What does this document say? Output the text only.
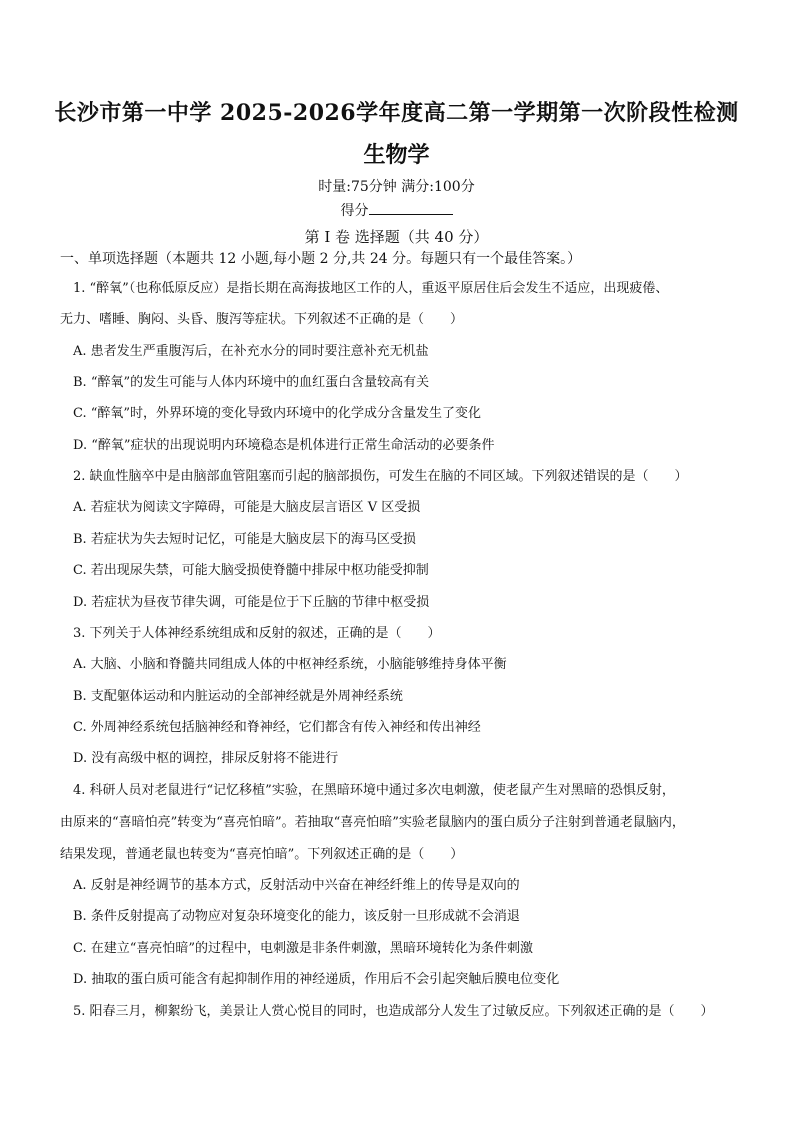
长沙市第一中学 2025-2026学年度高二第一学期第一次阶段性检测
生物学
时量:75分钟 满分:100分
得分
第 I 卷 选择题（共 40 分）
一、单项选择题（本题共 12 小题,每小题 2 分,共 24 分。每题只有一个最佳答案。）
1. “醉氧”（也称低原反应）是指长期在高海拔地区工作的人，重返平原居住后会发生不适应，出现疲倦、
无力、嗜睡、胸闷、头昏、腹泻等症状。下列叙述不正确的是（　　）
A. 患者发生严重腹泻后，在补充水分的同时要注意补充无机盐
B. “醉氧”的发生可能与人体内环境中的血红蛋白含量较高有关
C. “醉氧”时，外界环境的变化导致内环境中的化学成分含量发生了变化
D. “醉氧”症状的出现说明内环境稳态是机体进行正常生命活动的必要条件
2. 缺血性脑卒中是由脑部血管阻塞而引起的脑部损伤，可发生在脑的不同区域。下列叙述错误的是（　　）
A. 若症状为阅读文字障碍，可能是大脑皮层言语区 V 区受损
B. 若症状为失去短时记忆，可能是大脑皮层下的海马区受损
C. 若出现尿失禁，可能大脑受损使脊髓中排尿中枢功能受抑制
D. 若症状为昼夜节律失调，可能是位于下丘脑的节律中枢受损
3. 下列关于人体神经系统组成和反射的叙述，正确的是（　　）
A. 大脑、小脑和脊髓共同组成人体的中枢神经系统，小脑能够维持身体平衡
B. 支配躯体运动和内脏运动的全部神经就是外周神经系统
C. 外周神经系统包括脑神经和脊神经，它们都含有传入神经和传出神经
D. 没有高级中枢的调控，排尿反射将不能进行
4. 科研人员对老鼠进行“记忆移植”实验，在黑暗环境中通过多次电刺激，使老鼠产生对黑暗的恐惧反射，
由原来的“喜暗怕亮”转变为“喜亮怕暗”。若抽取“喜亮怕暗”实验老鼠脑内的蛋白质分子注射到普通老鼠脑内，
结果发现，普通老鼠也转变为“喜亮怕暗”。下列叙述正确的是（　　）
A. 反射是神经调节的基本方式，反射活动中兴奋在神经纤维上的传导是双向的
B. 条件反射提高了动物应对复杂环境变化的能力，该反射一旦形成就不会消退
C. 在建立“喜亮怕暗”的过程中，电刺激是非条件刺激，黑暗环境转化为条件刺激
D. 抽取的蛋白质可能含有起抑制作用的神经递质，作用后不会引起突触后膜电位变化
5. 阳春三月，柳絮纷飞，美景让人赏心悦目的同时，也造成部分人发生了过敏反应。下列叙述正确的是（　　）
